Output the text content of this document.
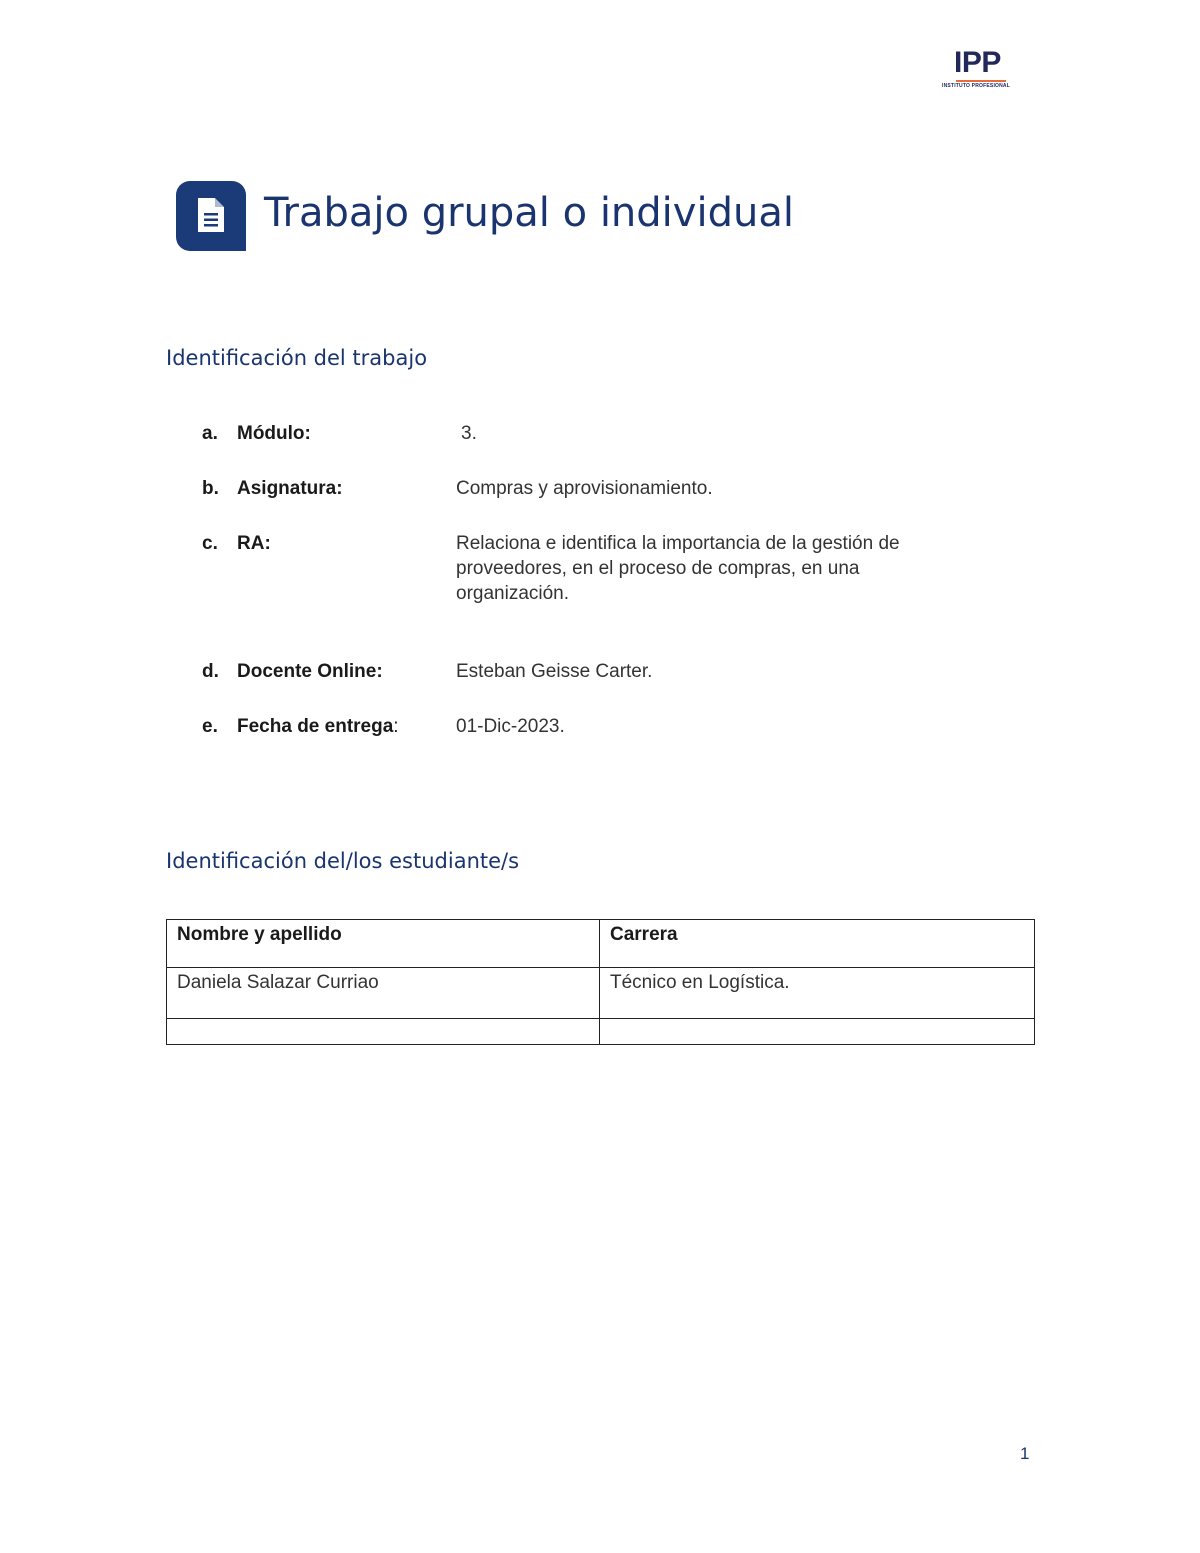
IPP
INSTITUTO PROFESIONAL
Trabajo grupal o individual
Identificación del trabajo
a. Módulo:	3.
b. Asignatura:	Compras y aprovisionamiento.
c. RA:	Relaciona e identifica la importancia de la gestión de proveedores, en el proceso de compras, en una organización.
d. Docente Online:	Esteban Geisse Carter.
e. Fecha de entrega:	01-Dic-2023.
Identificación del/los estudiante/s
Nombre y apellido	Carrera
Daniela Salazar Curriao	Técnico en Logística.

1
